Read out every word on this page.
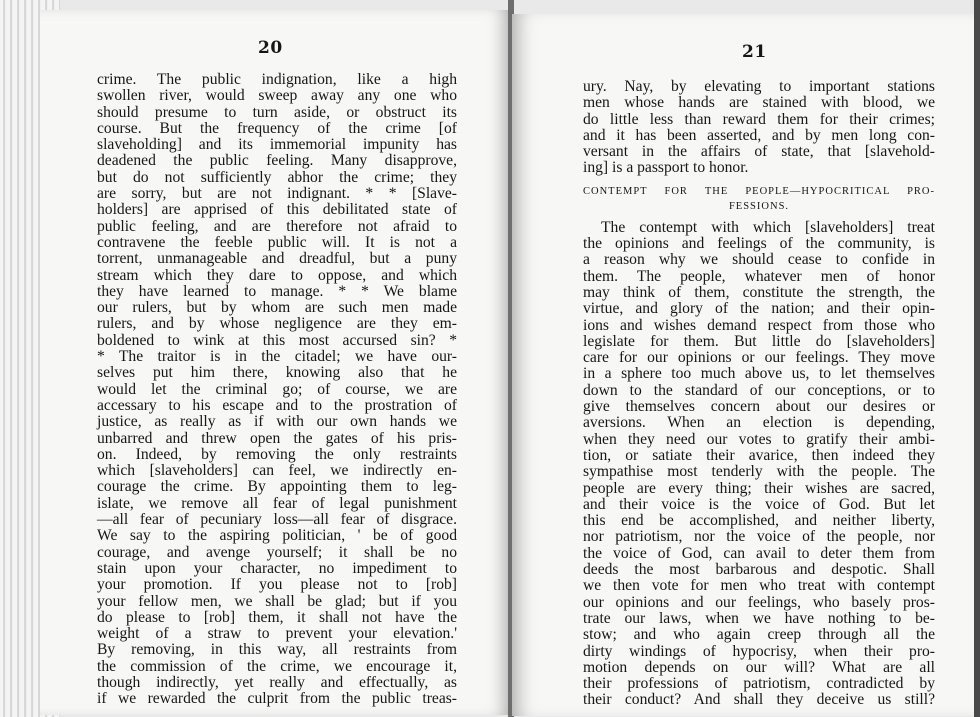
20
crime. The public indignation, like a high
swollen river, would sweep away any one who
should presume to turn aside, or obstruct its
course. But the frequency of the crime [of
slaveholding] and its immemorial impunity has
deadened the public feeling. Many disapprove,
but do not sufficiently abhor the crime; they
are sorry, but are not indignant. * * [Slave-
holders] are apprised of this debilitated state of
public feeling, and are therefore not afraid to
contravene the feeble public will. It is not a
torrent, unmanageable and dreadful, but a puny
stream which they dare to oppose, and which
they have learned to manage. * * We blame
our rulers, but by whom are such men made
rulers, and by whose negligence are they em-
boldened to wink at this most accursed sin? *
* The traitor is in the citadel; we have our-
selves put him there, knowing also that he
would let the criminal go; of course, we are
accessary to his escape and to the prostration of
justice, as really as if with our own hands we
unbarred and threw open the gates of his pris-
on. Indeed, by removing the only restraints
which [slaveholders] can feel, we indirectly en-
courage the crime. By appointing them to leg-
islate, we remove all fear of legal punishment
—all fear of pecuniary loss—all fear of disgrace.
We say to the aspiring politician, ' be of good
courage, and avenge yourself; it shall be no
stain upon your character, no impediment to
your promotion. If you please not to [rob]
your fellow men, we shall be glad; but if you
do please to [rob] them, it shall not have the
weight of a straw to prevent your elevation.'
By removing, in this way, all restraints from
the commission of the crime, we encourage it,
though indirectly, yet really and effectually, as
if we rewarded the culprit from the public treas-
21
ury. Nay, by elevating to important stations
men whose hands are stained with blood, we
do little less than reward them for their crimes;
and it has been asserted, and by men long con-
versant in the affairs of state, that [slavehold-
ing] is a passport to honor.
CONTEMPT FOR THE PEOPLE—HYPOCRITICAL PRO-
FESSIONS.
The contempt with which [slaveholders] treat
the opinions and feelings of the community, is
a reason why we should cease to confide in
them. The people, whatever men of honor
may think of them, constitute the strength, the
virtue, and glory of the nation; and their opin-
ions and wishes demand respect from those who
legislate for them. But little do [slaveholders]
care for our opinions or our feelings. They move
in a sphere too much above us, to let themselves
down to the standard of our conceptions, or to
give themselves concern about our desires or
aversions. When an election is depending,
when they need our votes to gratify their ambi-
tion, or satiate their avarice, then indeed they
sympathise most tenderly with the people. The
people are every thing; their wishes are sacred,
and their voice is the voice of God. But let
this end be accomplished, and neither liberty,
nor patriotism, nor the voice of the people, nor
the voice of God, can avail to deter them from
deeds the most barbarous and despotic. Shall
we then vote for men who treat with contempt
our opinions and our feelings, who basely pros-
trate our laws, when we have nothing to be-
stow; and who again creep through all the
dirty windings of hypocrisy, when their pro-
motion depends on our will? What are all
their professions of patriotism, contradicted by
their conduct? And shall they deceive us still?
